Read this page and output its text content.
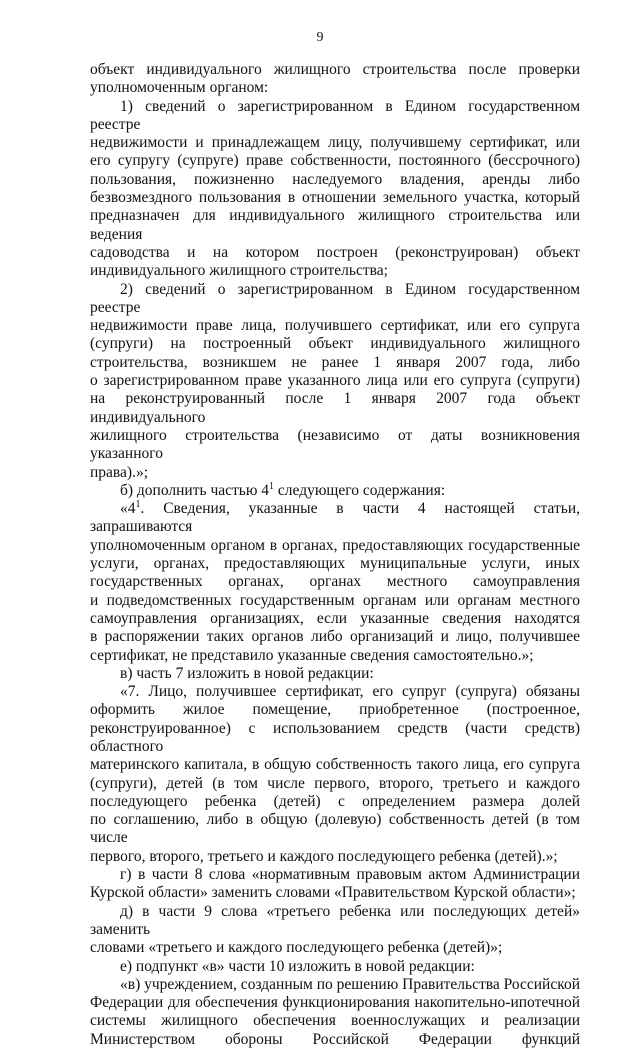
9

объект индивидуального жилищного строительства после проверки

уполномоченным органом:

1) сведений о зарегистрированном в Едином государственном реестре

недвижимости и принадлежащем лицу, получившему сертификат, или

его супругу (супруге) праве собственности, постоянного (бессрочного)

пользования, пожизненно наследуемого владения, аренды либо

безвозмездного пользования в отношении земельного участка, который

предназначен для индивидуального жилищного строительства или ведения

садоводства и на котором построен (реконструирован) объект

индивидуального жилищного строительства;

2) сведений о зарегистрированном в Едином государственном реестре

недвижимости праве лица, получившего сертификат, или его супруга

(супруги) на построенный объект индивидуального жилищного

строительства, возникшем не ранее 1 января 2007 года, либо

о зарегистрированном праве указанного лица или его супруга (супруги)

на реконструированный после 1 января 2007 года объект индивидуального

жилищного строительства (независимо от даты возникновения указанного

права).»;

б) дополнить частью $4^1$ следующего содержания:

«$4^1$. Сведения, указанные в части 4 настоящей статьи, запрашиваются

уполномоченным органом в органах, предоставляющих государственные

услуги, органах, предоставляющих муниципальные услуги, иных

государственных органах, органах местного самоуправления

и подведомственных государственным органам или органам местного

самоуправления организациях, если указанные сведения находятся

в распоряжении таких органов либо организаций и лицо, получившее

сертификат, не представило указанные сведения самостоятельно.»;

в) часть 7 изложить в новой редакции:

«7. Лицо, получившее сертификат, его супруг (супруга) обязаны

оформить жилое помещение, приобретенное (построенное,

реконструированное) с использованием средств (части средств) областного

материнского капитала, в общую собственность такого лица, его супруга

(супруги), детей (в том числе первого, второго, третьего и каждого

последующего ребенка (детей) с определением размера долей

по соглашению, либо в общую (долевую) собственность детей (в том числе

первого, второго, третьего и каждого последующего ребенка (детей).»;

г) в части 8 слова «нормативным правовым актом Администрации

Курской области» заменить словами «Правительством Курской области»;

д) в части 9 слова «третьего ребенка или последующих детей» заменить

словами «третьего и каждого последующего ребенка (детей)»;

е) подпункт «в» части 10 изложить в новой редакции:

«в) учреждением, созданным по решению Правительства Российской

Федерации для обеспечения функционирования накопительно-ипотечной

системы жилищного обеспечения военнослужащих и реализации

Министерством обороны Российской Федерации функций
